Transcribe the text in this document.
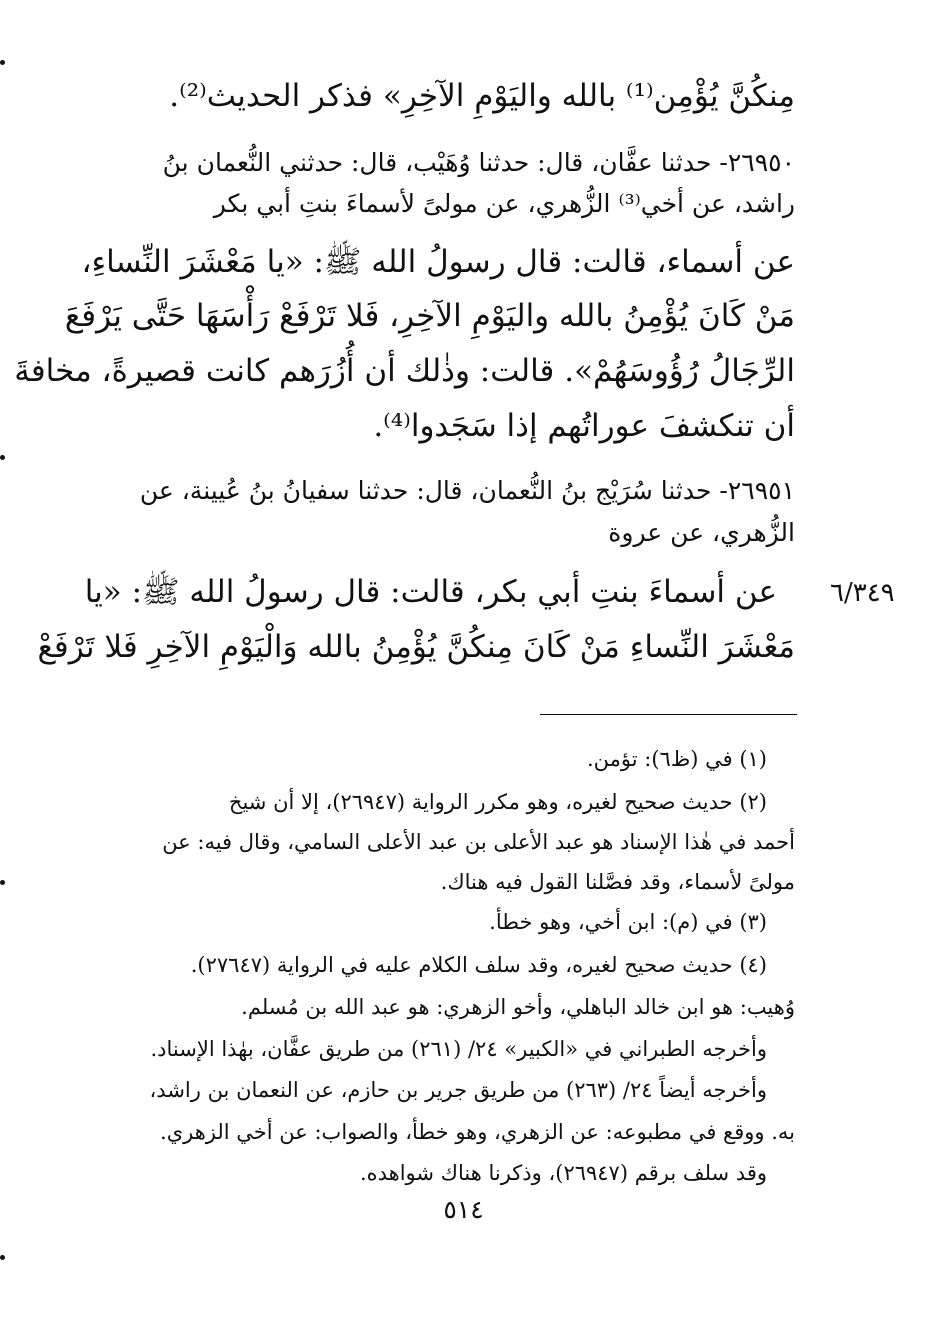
مِنكُنَّ يُؤْمِن⁽¹⁾ بالله واليَوْمِ الآخِرِ» فذكر الحديث⁽²⁾.
٢٦٩٥٠- حدثنا عفَّان، قال: حدثنا وُهَيْب، قال: حدثني النُّعمان بنُ
راشد، عن أخي⁽³⁾ الزُّهري، عن مولىً لأسماءَ بنتِ أبي بكر
عن أسماء، قالت: قال رسولُ الله ﷺ: «يا مَعْشَرَ النِّساءِ،
مَنْ كَانَ يُؤْمِنُ بالله واليَوْمِ الآخِرِ، فَلا تَرْفَعْ رَأْسَهَا حَتَّى يَرْفَعَ
الرِّجَالُ رُؤُوسَهُمْ». قالت: وذٰلك أن أُزُرَهم كانت قصيرةً، مخافةَ
أن تنكشفَ عوراتُهم إذا سَجَدوا⁽⁴⁾.
٢٦٩٥١- حدثنا سُرَيْج بنُ النُّعمان، قال: حدثنا سفيانُ بنُ عُيينة، عن
الزُّهري، عن عروة
عن أسماءَ بنتِ أبي بكر، قالت: قال رسولُ الله ﷺ: «يا
مَعْشَرَ النِّساءِ مَنْ كَانَ مِنكُنَّ يُؤْمِنُ بالله وَالْيَوْمِ الآخِرِ فَلا تَرْفَعْ
٦/٣٤٩
(١) في (ظ٦): تؤمن.
(٢) حديث صحيح لغيره، وهو مكرر الرواية (٢٦٩٤٧)، إلا أن شيخ
أحمد في هٰذا الإسناد هو عبد الأعلى بن عبد الأعلى السامي، وقال فيه: عن
مولىً لأسماء، وقد فصَّلنا القول فيه هناك.
(٣) في (م): ابن أخي، وهو خطأ.
(٤) حديث صحيح لغيره، وقد سلف الكلام عليه في الرواية (٢٧٦٤٧).
وُهيب: هو ابن خالد الباهلي، وأخو الزهري: هو عبد الله بن مُسلم.
وأخرجه الطبراني في «الكبير» ٢٤/ (٢٦١) من طريق عفَّان، بهٰذا الإسناد.
وأخرجه أيضاً ٢٤/ (٢٦٣) من طريق جرير بن حازم، عن النعمان بن راشد،
به. ووقع في مطبوعه: عن الزهري، وهو خطأ، والصواب: عن أخي الزهري.
وقد سلف برقم (٢٦٩٤٧)، وذكرنا هناك شواهده.
٥١٤
